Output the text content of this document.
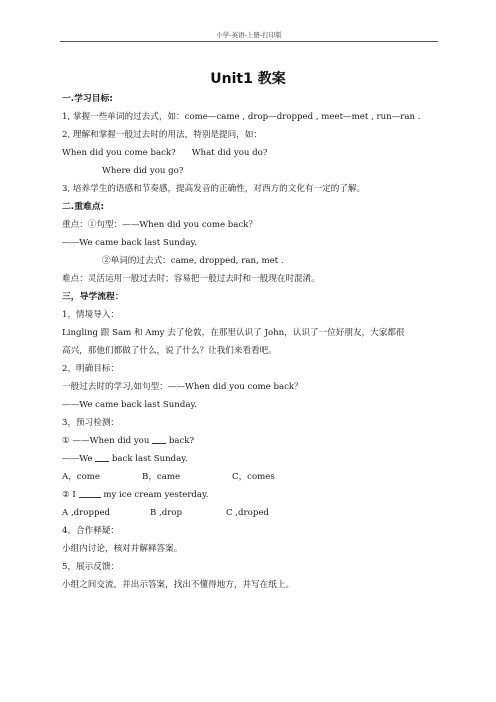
小学-英语-上册-打印版
Unit1 教案
一.学习目标:
1, 掌握一些单词的过去式，如：come—came , drop—dropped , meet—met , run—ran .
2, 理解和掌握一般过去时的用法，特别是提问，如：
When did you come back? What did you do?
Where did you go?
3, 培养学生的语感和节奏感，提高发音的正确性，对西方的文化有一定的了解。
二.重难点:
重点：①句型：——When did you come back？
——We came back last Sunday.
②单词的过去式：came, dropped, ran, met .
难点：灵活运用一般过去时；容易把一般过去时和一般现在时混淆。
三，导学流程：
1，情境导入：
Lingling 跟 Sam 和 Amy 去了伦敦，在那里认识了 John，认识了一位好朋友，大家都很
高兴，那他们都做了什么，说了什么？让我们来看看吧。
2，明确目标：
一般过去时的学习,如句型：——When did you come back？
——We came back last Sunday.
3，预习检测：
① ——When did you back?
——We back last Sunday.
A，come	B，came	C，comes
② I	my ice cream yesterday.
A ,dropped	B ,drop	C ,droped
4，合作释疑：
小组内讨论，核对并解释答案。
5，展示反馈：
小组之间交流，并出示答案，找出不懂得地方，并写在纸上。
